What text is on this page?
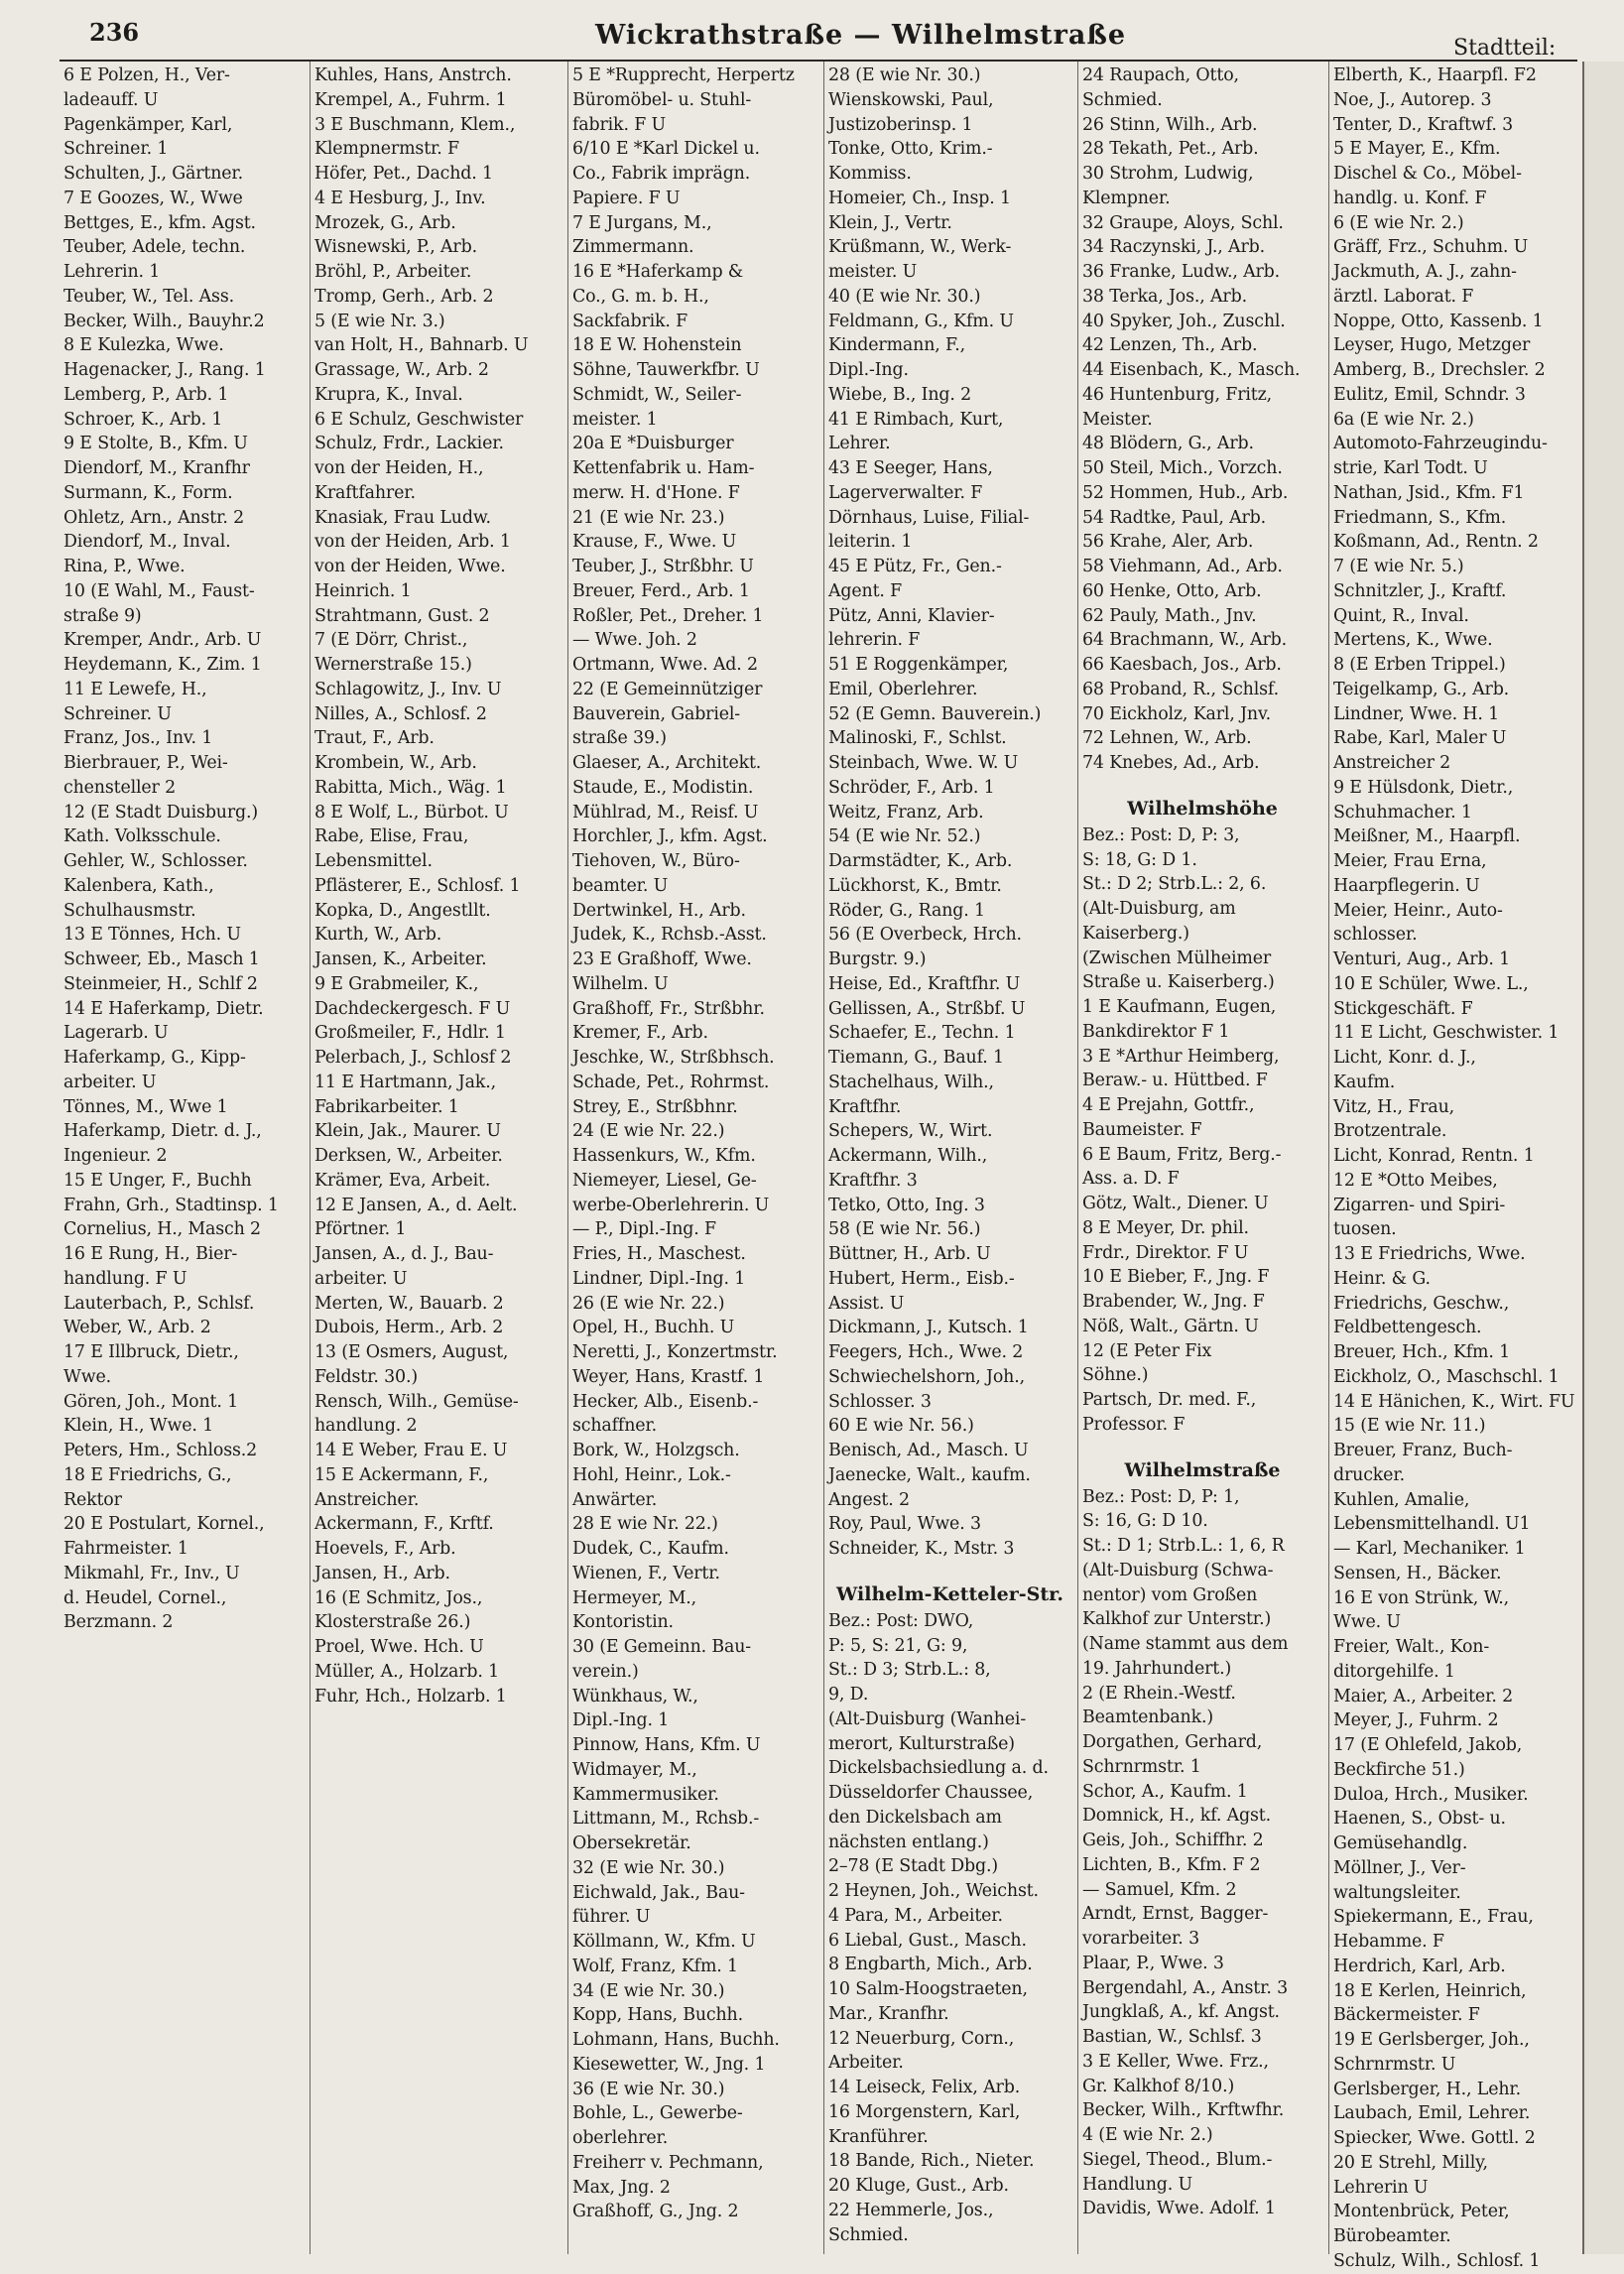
236	Wickrathstraße — Wilhelmstraße	Stadtteil:
6 E Polzen, H., Ver-
ladeauff. U
Pagenkämper, Karl,
Schreiner. 1
Schulten, J., Gärtner.
7 E Goozes, W., Wwe
Bettges, E., kfm. Agst.
Teuber, Adele, techn.
Lehrerin. 1
Teuber, W., Tel. Ass.
Becker, Wilh., Bauyhr.2
8 E Kulezka, Wwe.
Hagenacker, J., Rang. 1
Lemberg, P., Arb. 1
Schroer, K., Arb. 1
9 E Stolte, B., Kfm. U
Diendorf, M., Kranfhr
Surmann, K., Form.
Ohletz, Arn., Anstr. 2
Diendorf, M., Inval.
Rina, P., Wwe.
10 (E Wahl, M., Faust-
straße 9)
Kremper, Andr., Arb. U
Heydemann, K., Zim. 1
11 E Lewefe, H.,
Schreiner. U
Franz, Jos., Inv. 1
Bierbrauer, P., Wei-
chensteller 2
12 (E Stadt Duisburg.)
Kath. Volksschule.
Gehler, W., Schlosser.
Kalenbera, Kath.,
Schulhausmstr.
13 E Tönnes, Hch. U
Schweer, Eb., Masch 1
Steinmeier, H., Schlf 2
14 E Haferkamp, Dietr.
Lagerarb. U
Haferkamp, G., Kipp-
arbeiter. U
Tönnes, M., Wwe 1
Haferkamp, Dietr. d. J.,
Ingenieur. 2
15 E Unger, F., Buchh
Frahn, Grh., Stadtinsp. 1
Cornelius, H., Masch 2
16 E Rung, H., Bier-
handlung. F U
Lauterbach, P., Schlsf.
Weber, W., Arb. 2
17 E Illbruck, Dietr.,
Wwe.
Gören, Joh., Mont. 1
Klein, H., Wwe. 1
Peters, Hm., Schloss.2
18 E Friedrichs, G.,
Rektor
20 E Postulart, Kornel.,
Fahrmeister. 1
Mikmahl, Fr., Inv., U
d. Heudel, Cornel.,
Berzmann. 2
Kuhles, Hans, Anstrch.
Krempel, A., Fuhrm. 1
3 E Buschmann, Klem.,
Klempnermstr. F
Höfer, Pet., Dachd. 1
4 E Hesburg, J., Inv.
Mrozek, G., Arb.
Wisnewski, P., Arb.
Bröhl, P., Arbeiter.
Tromp, Gerh., Arb. 2
5 (E wie Nr. 3.)
van Holt, H., Bahnarb. U
Grassage, W., Arb. 2
Krupra, K., Inval.
6 E Schulz, Geschwister
Schulz, Frdr., Lackier.
von der Heiden, H.,
Kraftfahrer.
Knasiak, Frau Ludw.
von der Heiden, Arb. 1
von der Heiden, Wwe.
Heinrich. 1
Strahtmann, Gust. 2
7 (E Dörr, Christ.,
Wernerstraße 15.)
Schlagowitz, J., Inv. U
Nilles, A., Schlosf. 2
Traut, F., Arb.
Krombein, W., Arb.
Rabitta, Mich., Wäg. 1
8 E Wolf, L., Bürbot. U
Rabe, Elise, Frau,
Lebensmittel.
Pflästerer, E., Schlosf. 1
Kopka, D., Angestllt.
Kurth, W., Arb.
Jansen, K., Arbeiter.
9 E Grabmeiler, K.,
Dachdeckergesch. F U
Großmeiler, F., Hdlr. 1
Pelerbach, J., Schlosf 2
11 E Hartmann, Jak.,
Fabrikarbeiter. 1
Klein, Jak., Maurer. U
Derksen, W., Arbeiter.
Krämer, Eva, Arbeit.
12 E Jansen, A., d. Aelt.
Pförtner. 1
Jansen, A., d. J., Bau-
arbeiter. U
Merten, W., Bauarb. 2
Dubois, Herm., Arb. 2
13 (E Osmers, August,
Feldstr. 30.)
Rensch, Wilh., Gemüse-
handlung. 2
14 E Weber, Frau E. U
15 E Ackermann, F.,
Anstreicher.
Ackermann, F., Krftf.
Hoevels, F., Arb.
Jansen, H., Arb.
16 (E Schmitz, Jos.,
Klosterstraße 26.)
Proel, Wwe. Hch. U
Müller, A., Holzarb. 1
Fuhr, Hch., Holzarb. 1
5 E *Rupprecht, Herpertz
Büromöbel- u. Stuhl-
fabrik. F U
6/10 E *Karl Dickel u.
Co., Fabrik imprägn.
Papiere. F U
7 E Jurgans, M.,
Zimmermann.
16 E *Haferkamp &
Co., G. m. b. H.,
Sackfabrik. F
18 E W. Hohenstein
Söhne, Tauwerkfbr. U
Schmidt, W., Seiler-
meister. 1
20a E *Duisburger
Kettenfabrik u. Ham-
merw. H. d'Hone. F
21 (E wie Nr. 23.)
Krause, F., Wwe. U
Teuber, J., Strßbhr. U
Breuer, Ferd., Arb. 1
Roßler, Pet., Dreher. 1
— Wwe. Joh. 2
Ortmann, Wwe. Ad. 2
22 (E Gemeinnütziger
Bauverein, Gabriel-
straße 39.)
Glaeser, A., Architekt.
Staude, E., Modistin.
Mühlrad, M., Reisf. U
Horchler, J., kfm. Agst.
Tiehoven, W., Büro-
beamter. U
Dertwinkel, H., Arb.
Judek, K., Rchsb.-Asst.
23 E Graßhoff, Wwe.
Wilhelm. U
Graßhoff, Fr., Strßbhr.
Kremer, F., Arb.
Jeschke, W., Strßbhsch.
Schade, Pet., Rohrmst.
Strey, E., Strßbhnr.
24 (E wie Nr. 22.)
Hassenkurs, W., Kfm.
Niemeyer, Liesel, Ge-
werbe-Oberlehrerin. U
— P., Dipl.-Ing. F
Fries, H., Maschest.
Lindner, Dipl.-Ing. 1
26 (E wie Nr. 22.)
Opel, H., Buchh. U
Neretti, J., Konzertmstr.
Weyer, Hans, Krastf. 1
Hecker, Alb., Eisenb.-
schaffner.
Bork, W., Holzgsch.
Hohl, Heinr., Lok.-
Anwärter.
28 E wie Nr. 22.)
Dudek, C., Kaufm.
Wienen, F., Vertr.
Hermeyer, M.,
Kontoristin.
30 (E Gemeinn. Bau-
verein.)
Wünkhaus, W.,
Dipl.-Ing. 1
Pinnow, Hans, Kfm. U
Widmayer, M.,
Kammermusiker.
Littmann, M., Rchsb.-
Obersekretär.
32 (E wie Nr. 30.)
Eichwald, Jak., Bau-
führer. U
Köllmann, W., Kfm. U
Wolf, Franz, Kfm. 1
34 (E wie Nr. 30.)
Kopp, Hans, Buchh.
Lohmann, Hans, Buchh.
Kiesewetter, W., Jng. 1
36 (E wie Nr. 30.)
Bohle, L., Gewerbe-
oberlehrer.
Freiherr v. Pechmann,
Max, Jng. 2
Graßhoff, G., Jng. 2
28 (E wie Nr. 30.)
Wienskowski, Paul,
Justizoberinsp. 1
Tonke, Otto, Krim.-
Kommiss.
Homeier, Ch., Insp. 1
Klein, J., Vertr.
Krüßmann, W., Werk-
meister. U
40 (E wie Nr. 30.)
Feldmann, G., Kfm. U
Kindermann, F.,
Dipl.-Ing.
Wiebe, B., Ing. 2
41 E Rimbach, Kurt,
Lehrer.
43 E Seeger, Hans,
Lagerverwalter. F
Dörnhaus, Luise, Filial-
leiterin. 1
45 E Pütz, Fr., Gen.-
Agent. F
Pütz, Anni, Klavier-
lehrerin. F
51 E Roggenkämper,
Emil, Oberlehrer.
52 (E Gemn. Bauverein.)
Malinoski, F., Schlst.
Steinbach, Wwe. W. U
Schröder, F., Arb. 1
Weitz, Franz, Arb.
54 (E wie Nr. 52.)
Darmstädter, K., Arb.
Lückhorst, K., Bmtr.
Röder, G., Rang. 1
56 (E Overbeck, Hrch.
Burgstr. 9.)
Heise, Ed., Kraftfhr. U
Gellissen, A., Strßbf. U
Schaefer, E., Techn. 1
Tiemann, G., Bauf. 1
Stachelhaus, Wilh.,
Kraftfhr.
Schepers, W., Wirt.
Ackermann, Wilh.,
Kraftfhr. 3
Tetko, Otto, Ing. 3
58 (E wie Nr. 56.)
Büttner, H., Arb. U
Hubert, Herm., Eisb.-
Assist. U
Dickmann, J., Kutsch. 1
Feegers, Hch., Wwe. 2
Schwiechelshorn, Joh.,
Schlosser. 3
60 E wie Nr. 56.)
Benisch, Ad., Masch. U
Jaenecke, Walt., kaufm.
Angest. 2
Roy, Paul, Wwe. 3
Schneider, K., Mstr. 3
Wilhelm-Ketteler-Str.
Bez.: Post: DWO,
P: 5, S: 21, G: 9,
St.: D 3; Strb.L.: 8,
9, D.
(Alt-Duisburg (Wanhei-
merort, Kulturstraße)
Dickelsbachsiedlung a. d.
Düsseldorfer Chaussee,
den Dickelsbach am
nächsten entlang.)
2–78 (E Stadt Dbg.)
2 Heynen, Joh., Weichst.
4 Para, M., Arbeiter.
6 Liebal, Gust., Masch.
8 Engbarth, Mich., Arb.
10 Salm-Hoogstraeten,
Mar., Kranfhr.
12 Neuerburg, Corn.,
Arbeiter.
14 Leiseck, Felix, Arb.
16 Morgenstern, Karl,
Kranführer.
18 Bande, Rich., Nieter.
20 Kluge, Gust., Arb.
22 Hemmerle, Jos.,
Schmied.
24 Raupach, Otto,
Schmied.
26 Stinn, Wilh., Arb.
28 Tekath, Pet., Arb.
30 Strohm, Ludwig,
Klempner.
32 Graupe, Aloys, Schl.
34 Raczynski, J., Arb.
36 Franke, Ludw., Arb.
38 Terka, Jos., Arb.
40 Spyker, Joh., Zuschl.
42 Lenzen, Th., Arb.
44 Eisenbach, K., Masch.
46 Huntenburg, Fritz,
Meister.
48 Blödern, G., Arb.
50 Steil, Mich., Vorzch.
52 Hommen, Hub., Arb.
54 Radtke, Paul, Arb.
56 Krahe, Aler, Arb.
58 Viehmann, Ad., Arb.
60 Henke, Otto, Arb.
62 Pauly, Math., Jnv.
64 Brachmann, W., Arb.
66 Kaesbach, Jos., Arb.
68 Proband, R., Schlsf.
70 Eickholz, Karl, Jnv.
72 Lehnen, W., Arb.
74 Knebes, Ad., Arb.
Wilhelmshöhe
Bez.: Post: D, P: 3,
S: 18, G: D 1.
St.: D 2; Strb.L.: 2, 6.
(Alt-Duisburg, am
Kaiserberg.)
(Zwischen Mülheimer
Straße u. Kaiserberg.)
1 E Kaufmann, Eugen,
Bankdirektor F 1
3 E *Arthur Heimberg,
Beraw.- u. Hüttbed. F
4 E Prejahn, Gottfr.,
Baumeister. F
6 E Baum, Fritz, Berg.-
Ass. a. D. F
Götz, Walt., Diener. U
8 E Meyer, Dr. phil.
Frdr., Direktor. F U
10 E Bieber, F., Jng. F
Brabender, W., Jng. F
Nöß, Walt., Gärtn. U
12 (E Peter Fix
Söhne.)
Partsch, Dr. med. F.,
Professor. F
Wilhelmstraße
Bez.: Post: D, P: 1,
S: 16, G: D 10.
St.: D 1; Strb.L.: 1, 6, R
(Alt-Duisburg (Schwa-
nentor) vom Großen
Kalkhof zur Unterstr.)
(Name stammt aus dem
19. Jahrhundert.)
2 (E Rhein.-Westf.
Beamtenbank.)
Dorgathen, Gerhard,
Schrnrmstr. 1
Schor, A., Kaufm. 1
Domnick, H., kf. Agst.
Geis, Joh., Schiffhr. 2
Lichten, B., Kfm. F 2
— Samuel, Kfm. 2
Arndt, Ernst, Bagger-
vorarbeiter. 3
Plaar, P., Wwe. 3
Bergendahl, A., Anstr. 3
Jungklaß, A., kf. Angst.
Bastian, W., Schlsf. 3
3 E Keller, Wwe. Frz.,
Gr. Kalkhof 8/10.)
Becker, Wilh., Krftwfhr.
4 (E wie Nr. 2.)
Siegel, Theod., Blum.-
Handlung. U
Davidis, Wwe. Adolf. 1
Elberth, K., Haarpfl. F2
Noe, J., Autorep. 3
Tenter, D., Kraftwf. 3
5 E Mayer, E., Kfm.
Dischel & Co., Möbel-
handlg. u. Konf. F
6 (E wie Nr. 2.)
Gräff, Frz., Schuhm. U
Jackmuth, A. J., zahn-
ärztl. Laborat. F
Noppe, Otto, Kassenb. 1
Leyser, Hugo, Metzger
Amberg, B., Drechsler. 2
Eulitz, Emil, Schndr. 3
6a (E wie Nr. 2.)
Automoto-Fahrzeugindu-
strie, Karl Todt. U
Nathan, Jsid., Kfm. F1
Friedmann, S., Kfm.
Koßmann, Ad., Rentn. 2
7 (E wie Nr. 5.)
Schnitzler, J., Kraftf.
Quint, R., Inval.
Mertens, K., Wwe.
8 (E Erben Trippel.)
Teigelkamp, G., Arb.
Lindner, Wwe. H. 1
Rabe, Karl, Maler U
Anstreicher 2
9 E Hülsdonk, Dietr.,
Schuhmacher. 1
Meißner, M., Haarpfl.
Meier, Frau Erna,
Haarpflegerin. U
Meier, Heinr., Auto-
schlosser.
Venturi, Aug., Arb. 1
10 E Schüler, Wwe. L.,
Stickgeschäft. F
11 E Licht, Geschwister. 1
Licht, Konr. d. J.,
Kaufm.
Vitz, H., Frau,
Brotzentrale.
Licht, Konrad, Rentn. 1
12 E *Otto Meibes,
Zigarren- und Spiri-
tuosen.
13 E Friedrichs, Wwe.
Heinr. & G.
Friedrichs, Geschw.,
Feldbettengesch.
Breuer, Hch., Kfm. 1
Eickholz, O., Maschschl. 1
14 E Hänichen, K., Wirt. FU
15 (E wie Nr. 11.)
Breuer, Franz, Buch-
drucker.
Kuhlen, Amalie,
Lebensmittelhandl. U1
— Karl, Mechaniker. 1
Sensen, H., Bäcker.
16 E von Strünk, W.,
Wwe. U
Freier, Walt., Kon-
ditorgehilfe. 1
Maier, A., Arbeiter. 2
Meyer, J., Fuhrm. 2
17 (E Ohlefeld, Jakob,
Beckfirche 51.)
Duloa, Hrch., Musiker.
Haenen, S., Obst- u.
Gemüsehandlg.
Möllner, J., Ver-
waltungsleiter.
Spiekermann, E., Frau,
Hebamme. F
Herdrich, Karl, Arb.
18 E Kerlen, Heinrich,
Bäckermeister. F
19 E Gerlsberger, Joh.,
Schrnrmstr. U
Gerlsberger, H., Lehr.
Laubach, Emil, Lehrer.
Spiecker, Wwe. Gottl. 2
20 E Strehl, Milly,
Lehrerin U
Montenbrück, Peter,
Bürobeamter.
Schulz, Wilh., Schlosf. 1
